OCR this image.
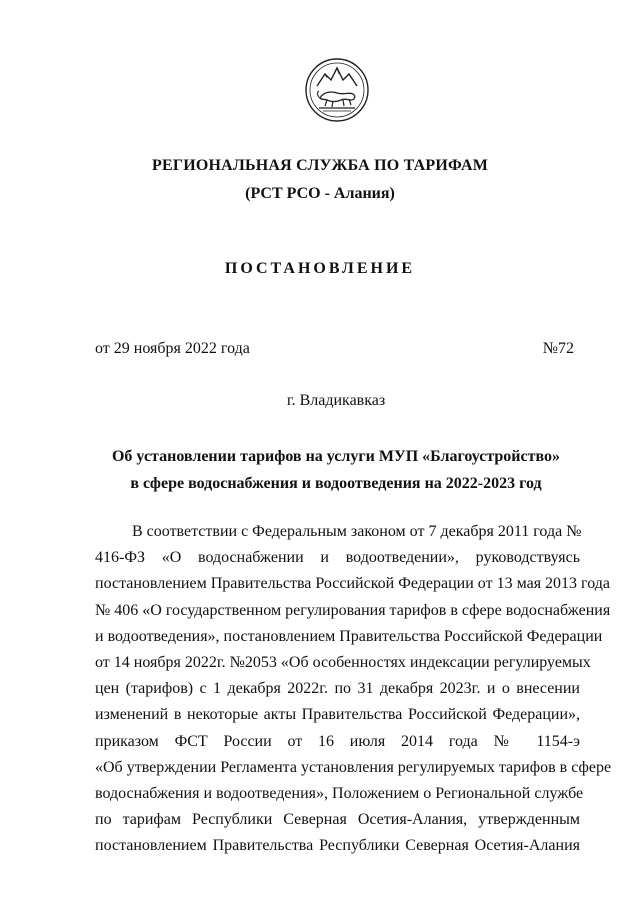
РЕГИОНАЛЬНАЯ СЛУЖБА ПО ТАРИФАМ
(РСТ РСО - Алания)
ПОСТАНОВЛЕНИЕ
от 29 ноября 2022 года	№72
г. Владикавказ
Об установлении тарифов на услуги МУП «Благоустройство»
в сфере водоснабжения и водоотведения на 2022-2023 год
В соответствии с Федеральным законом от 7 декабря 2011 года №
416-ФЗ «О водоснабжении и водоотведении», руководствуясь
постановлением Правительства Российской Федерации от 13 мая 2013 года
№ 406 «О государственном регулирования тарифов в сфере водоснабжения
и водоотведения», постановлением Правительства Российской Федерации
от 14 ноября 2022г. №2053 «Об особенностях индексации регулируемых
цен (тарифов) с 1 декабря 2022г. по 31 декабря 2023г. и о внесении
изменений в некоторые акты Правительства Российской Федерации»,
приказом ФСТ России от 16 июля 2014 года № 1154-э
«Об утверждении Регламента установления регулируемых тарифов в сфере
водоснабжения и водоотведения», Положением о Региональной службе
по тарифам Республики Северная Осетия-Алания, утвержденным
постановлением Правительства Республики Северная Осетия-Алания
